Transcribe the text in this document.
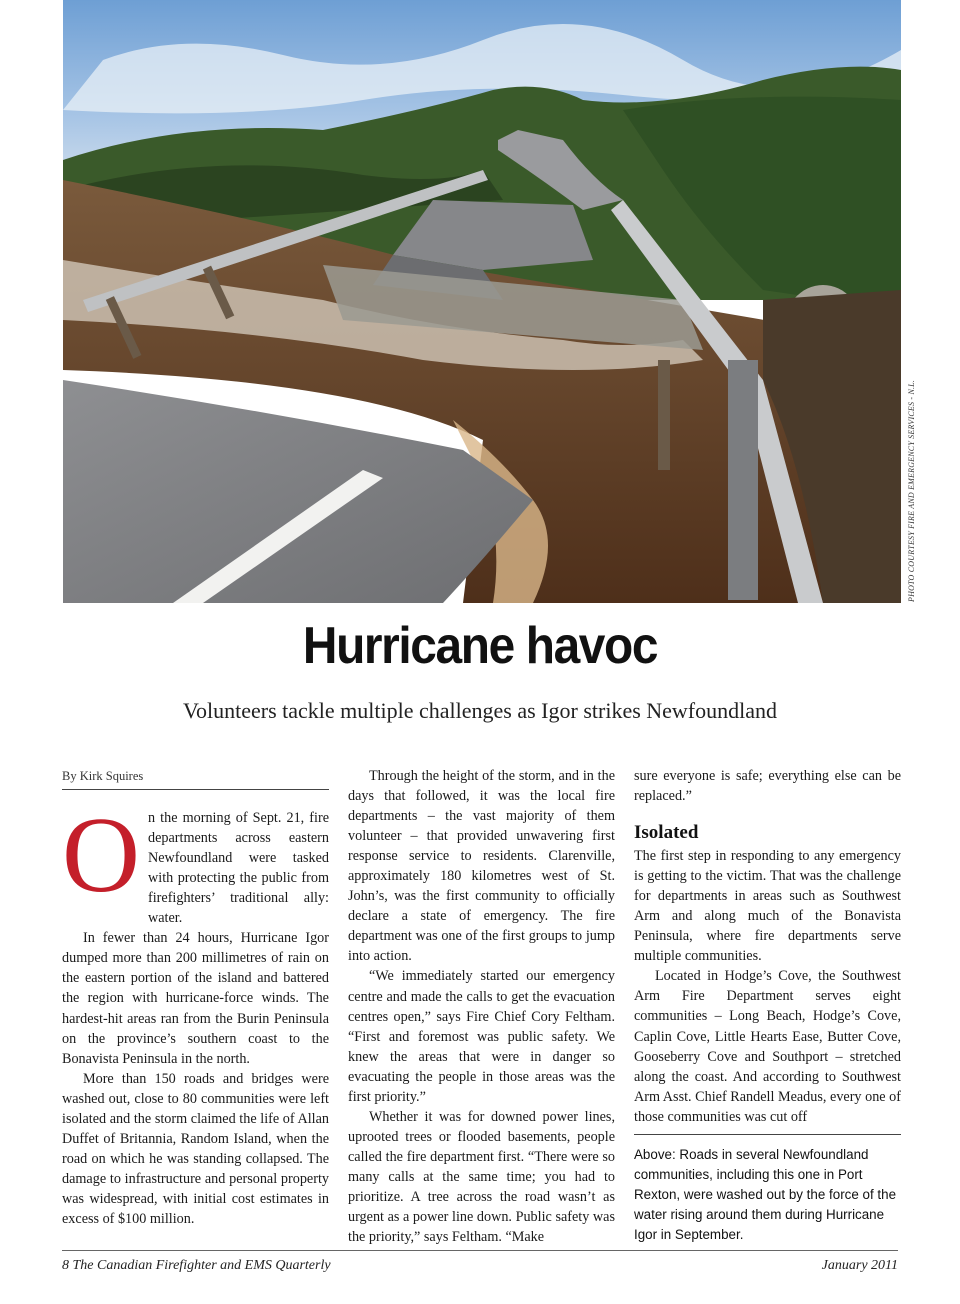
PHOTO COURTESY FIRE AND EMERGENCY SERVICES - N.L.
Hurricane havoc
Volunteers tackle multiple challenges as Igor strikes Newfoundland
By Kirk Squires

On the morning of Sept. 21, fire departments across eastern Newfoundland were tasked with protecting the public from firefighters’ traditional ally: water.

In fewer than 24 hours, Hurricane Igor dumped more than 200 millimetres of rain on the eastern portion of the island and battered the region with hurricane-force winds. The hardest-hit areas ran from the Burin Peninsula on the province’s southern coast to the Bonavista Peninsula in the north.

More than 150 roads and bridges were washed out, close to 80 communities were left isolated and the storm claimed the life of Allan Duffet of Britannia, Random Island, when the road on which he was standing collapsed. The damage to infrastructure and personal property was widespread, with initial cost estimates in excess of $100 million.

Through the height of the storm, and in the days that followed, it was the local fire departments – the vast majority of them volunteer – that provided unwavering first response service to residents. Clarenville, approximately 180 kilometres west of St. John’s, was the first community to officially declare a state of emergency. The fire department was one of the first groups to jump into action.

“We immediately started our emergency centre and made the calls to get the evacuation centres open,” says Fire Chief Cory Feltham. “First and foremost was public safety. We knew the areas that were in danger so evacuating the people in those areas was the first priority.”

Whether it was for downed power lines, uprooted trees or flooded basements, people called the fire department first. “There were so many calls at the same time; you had to prioritize. A tree across the road wasn’t as urgent as a power line down. Public safety was the priority,” says Feltham. “Make

sure everyone is safe; everything else can be replaced.”

Isolated

The first step in responding to any emergency is getting to the victim. That was the challenge for departments in areas such as Southwest Arm and along much of the Bonavista Peninsula, where fire departments serve multiple communities.

Located in Hodge’s Cove, the Southwest Arm Fire Department serves eight communities – Long Beach, Hodge’s Cove, Caplin Cove, Little Hearts Ease, Butter Cove, Gooseberry Cove and Southport – stretched along the coast. And according to Southwest Arm Asst. Chief Randell Meadus, every one of those communities was cut off

Above: Roads in several Newfoundland communities, including this one in Port Rexton, were washed out by the force of the water rising around them during Hurricane Igor in September.
8 The Canadian Firefighter and EMS Quarterly	January 2011
